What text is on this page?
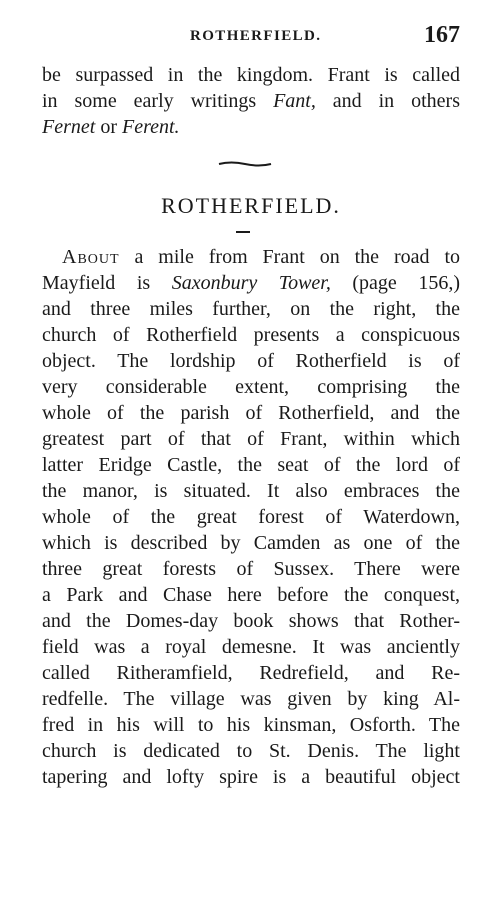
ROTHERFIELD.	167
be surpassed in the kingdom. Frant is called
in some early writings Fant, and in others
Fernet or Ferent.
ROTHERFIELD.
About a mile from Frant on the road to
Mayfield is Saxonbury Tower, (page 156,)
and three miles further, on the right, the
church of Rotherfield presents a conspicuous
object. The lordship of Rotherfield is of
very considerable extent, comprising the
whole of the parish of Rotherfield, and the
greatest part of that of Frant, within which
latter Eridge Castle, the seat of the lord of
the manor, is situated. It also embraces the
whole of the great forest of Waterdown,
which is described by Camden as one of the
three great forests of Sussex. There were
a Park and Chase here before the conquest,
and the Domes-day book shows that Rother-
field was a royal demesne. It was anciently
called Ritheramfield, Redrefield, and Re-
redfelle. The village was given by king Al-
fred in his will to his kinsman, Osforth. The
church is dedicated to St. Denis. The light
tapering and lofty spire is a beautiful object
